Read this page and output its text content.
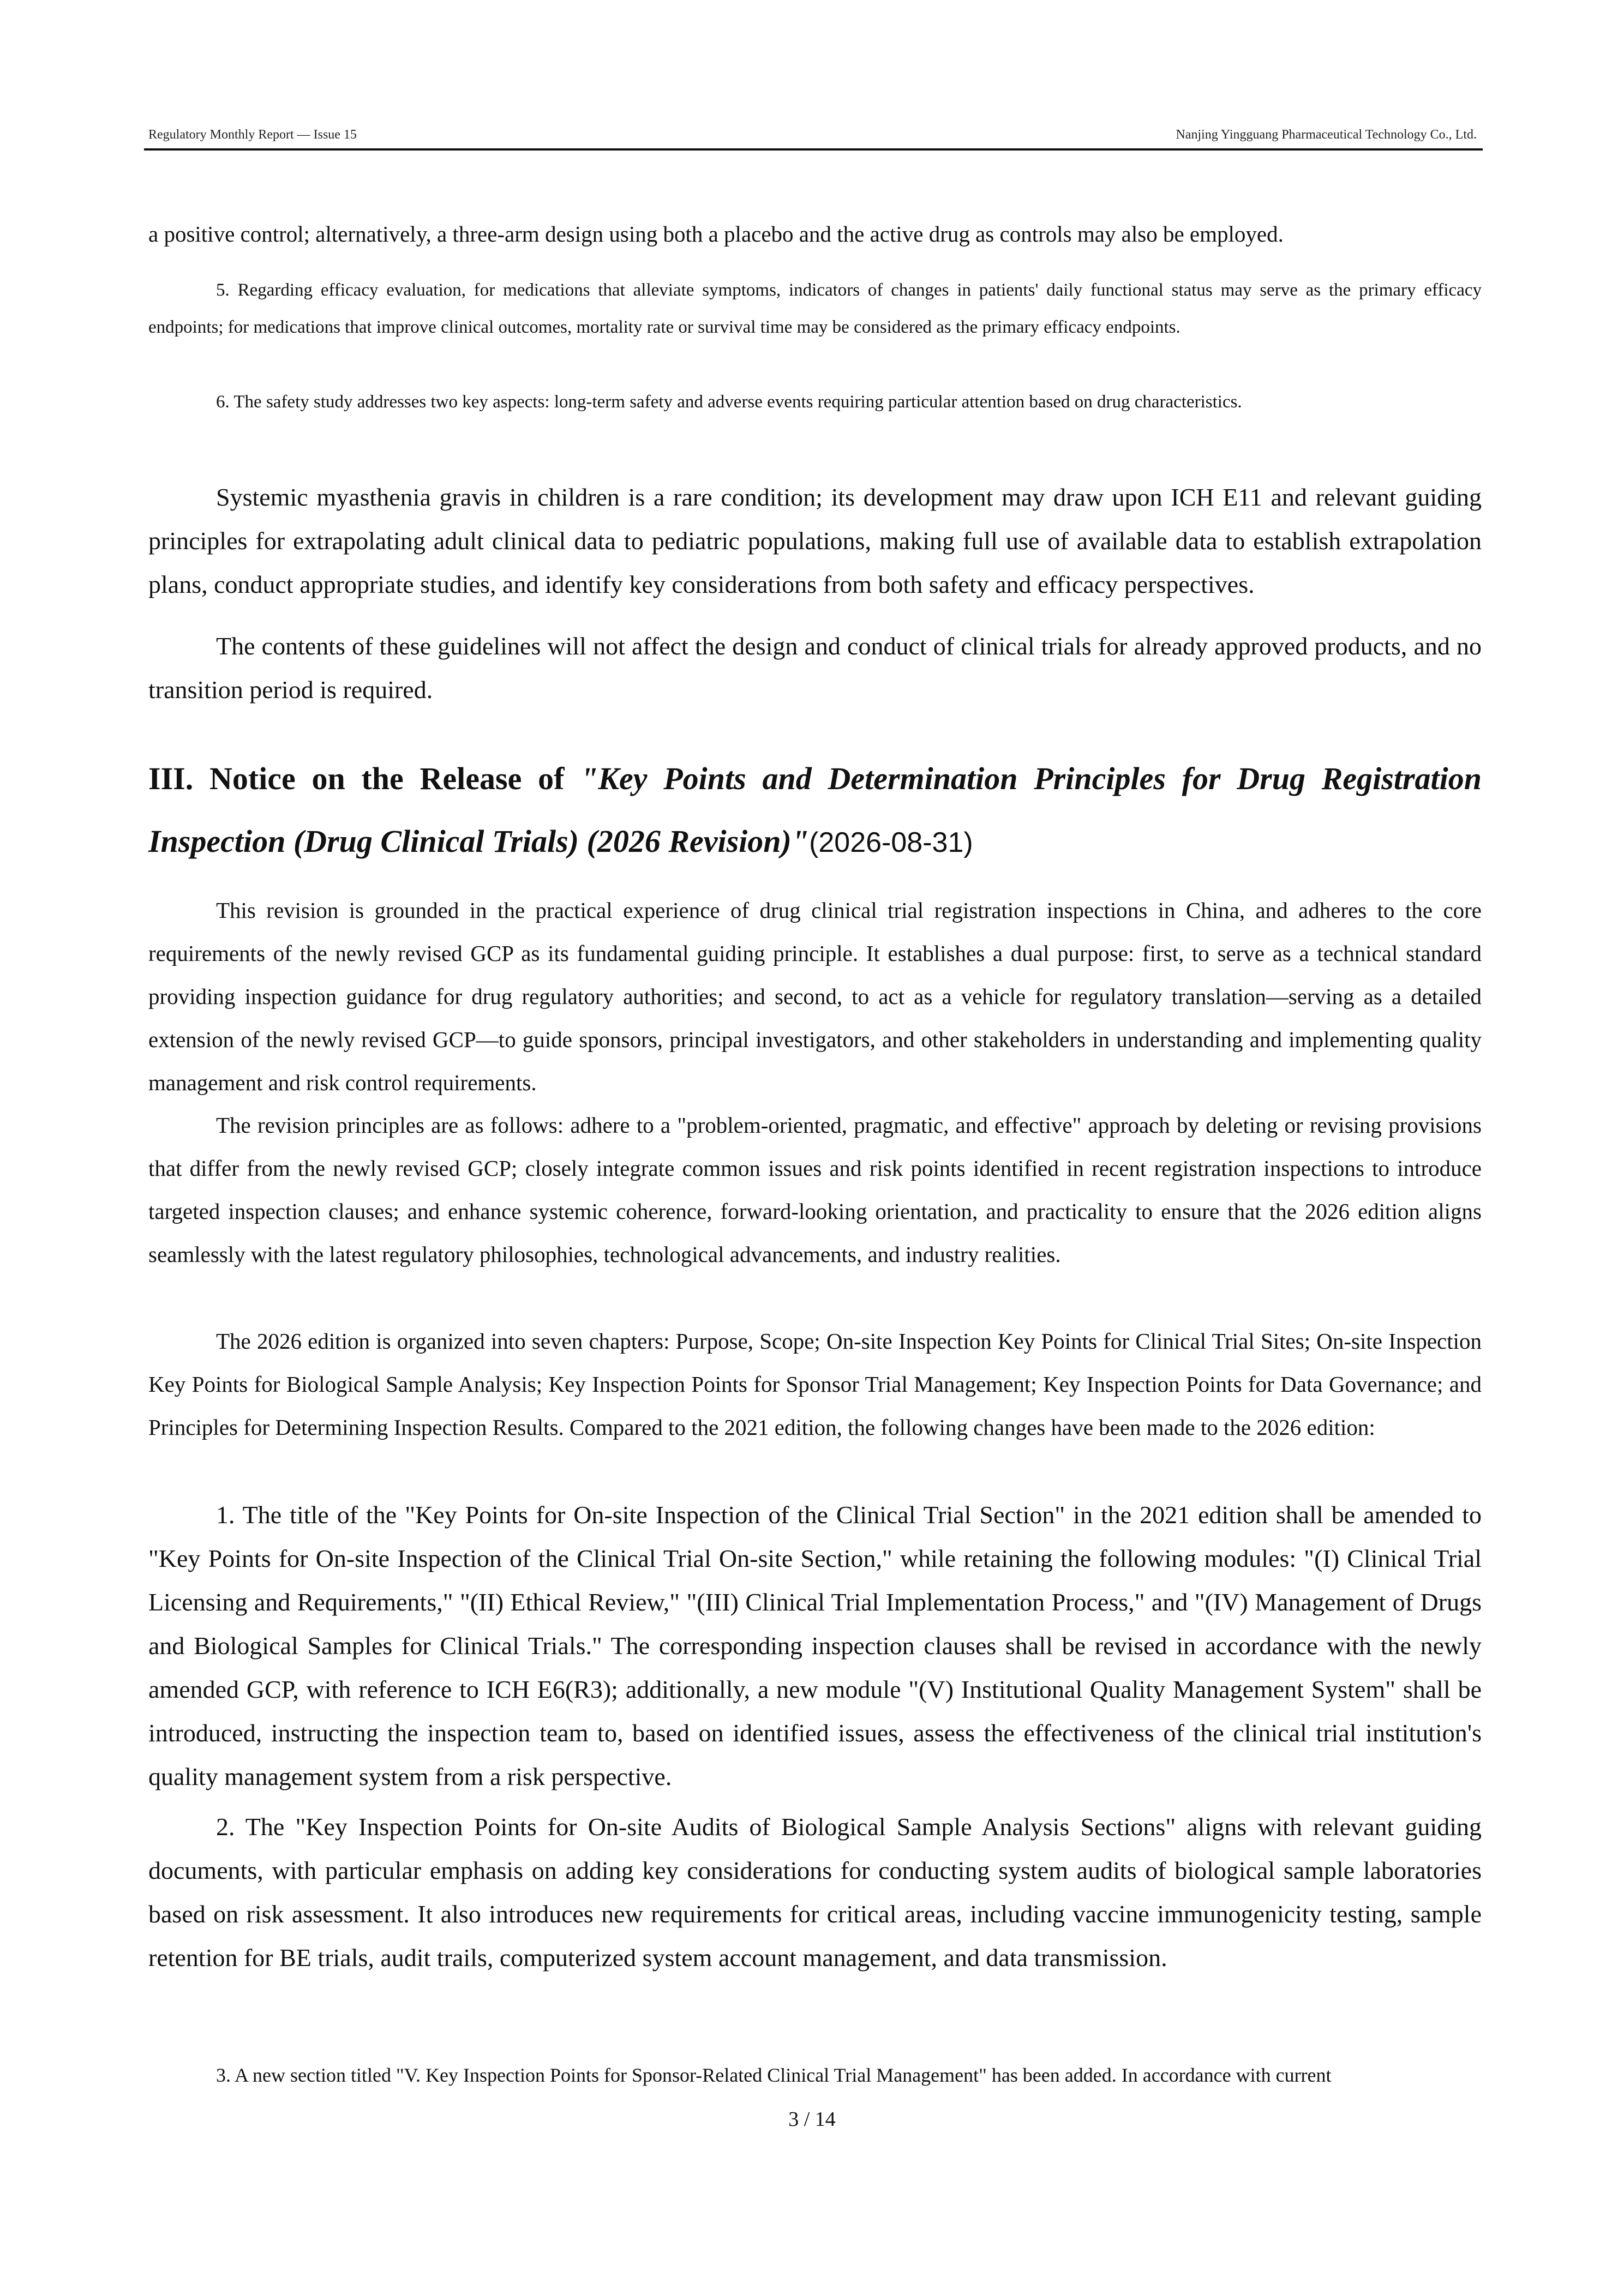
Regulatory Monthly Report — Issue 15	Nanjing Yingguang Pharmaceutical Technology Co., Ltd.

a positive control; alternatively, a three-arm design using both a placebo and the active drug as controls may also be employed.

5. Regarding efficacy evaluation, for medications that alleviate symptoms, indicators of changes in patients' daily functional status may serve as the primary efficacy endpoints; for medications that improve clinical outcomes, mortality rate or survival time may be considered as the primary efficacy endpoints.

6. The safety study addresses two key aspects: long-term safety and adverse events requiring particular attention based on drug characteristics.

Systemic myasthenia gravis in children is a rare condition; its development may draw upon ICH E11 and relevant guiding principles for extrapolating adult clinical data to pediatric populations, making full use of available data to establish extrapolation plans, conduct appropriate studies, and identify key considerations from both safety and efficacy perspectives.

The contents of these guidelines will not affect the design and conduct of clinical trials for already approved products, and no transition period is required.

III. Notice on the Release of "Key Points and Determination Principles for Drug Registration Inspection (Drug Clinical Trials) (2026 Revision)"(2026-08-31)

This revision is grounded in the practical experience of drug clinical trial registration inspections in China, and adheres to the core requirements of the newly revised GCP as its fundamental guiding principle. It establishes a dual purpose: first, to serve as a technical standard providing inspection guidance for drug regulatory authorities; and second, to act as a vehicle for regulatory translation—serving as a detailed extension of the newly revised GCP—to guide sponsors, principal investigators, and other stakeholders in understanding and implementing quality management and risk control requirements.

The revision principles are as follows: adhere to a "problem-oriented, pragmatic, and effective" approach by deleting or revising provisions that differ from the newly revised GCP; closely integrate common issues and risk points identified in recent registration inspections to introduce targeted inspection clauses; and enhance systemic coherence, forward-looking orientation, and practicality to ensure that the 2026 edition aligns seamlessly with the latest regulatory philosophies, technological advancements, and industry realities.

The 2026 edition is organized into seven chapters: Purpose, Scope; On-site Inspection Key Points for Clinical Trial Sites; On-site Inspection Key Points for Biological Sample Analysis; Key Inspection Points for Sponsor Trial Management; Key Inspection Points for Data Governance; and Principles for Determining Inspection Results. Compared to the 2021 edition, the following changes have been made to the 2026 edition:

1. The title of the "Key Points for On-site Inspection of the Clinical Trial Section" in the 2021 edition shall be amended to "Key Points for On-site Inspection of the Clinical Trial On-site Section," while retaining the following modules: "(I) Clinical Trial Licensing and Requirements," "(II) Ethical Review," "(III) Clinical Trial Implementation Process," and "(IV) Management of Drugs and Biological Samples for Clinical Trials." The corresponding inspection clauses shall be revised in accordance with the newly amended GCP, with reference to ICH E6(R3); additionally, a new module "(V) Institutional Quality Management System" shall be introduced, instructing the inspection team to, based on identified issues, assess the effectiveness of the clinical trial institution's quality management system from a risk perspective.

2. The "Key Inspection Points for On-site Audits of Biological Sample Analysis Sections" aligns with relevant guiding documents, with particular emphasis on adding key considerations for conducting system audits of biological sample laboratories based on risk assessment. It also introduces new requirements for critical areas, including vaccine immunogenicity testing, sample retention for BE trials, audit trails, computerized system account management, and data transmission.

3. A new section titled "V. Key Inspection Points for Sponsor-Related Clinical Trial Management" has been added. In accordance with current

3 / 14
